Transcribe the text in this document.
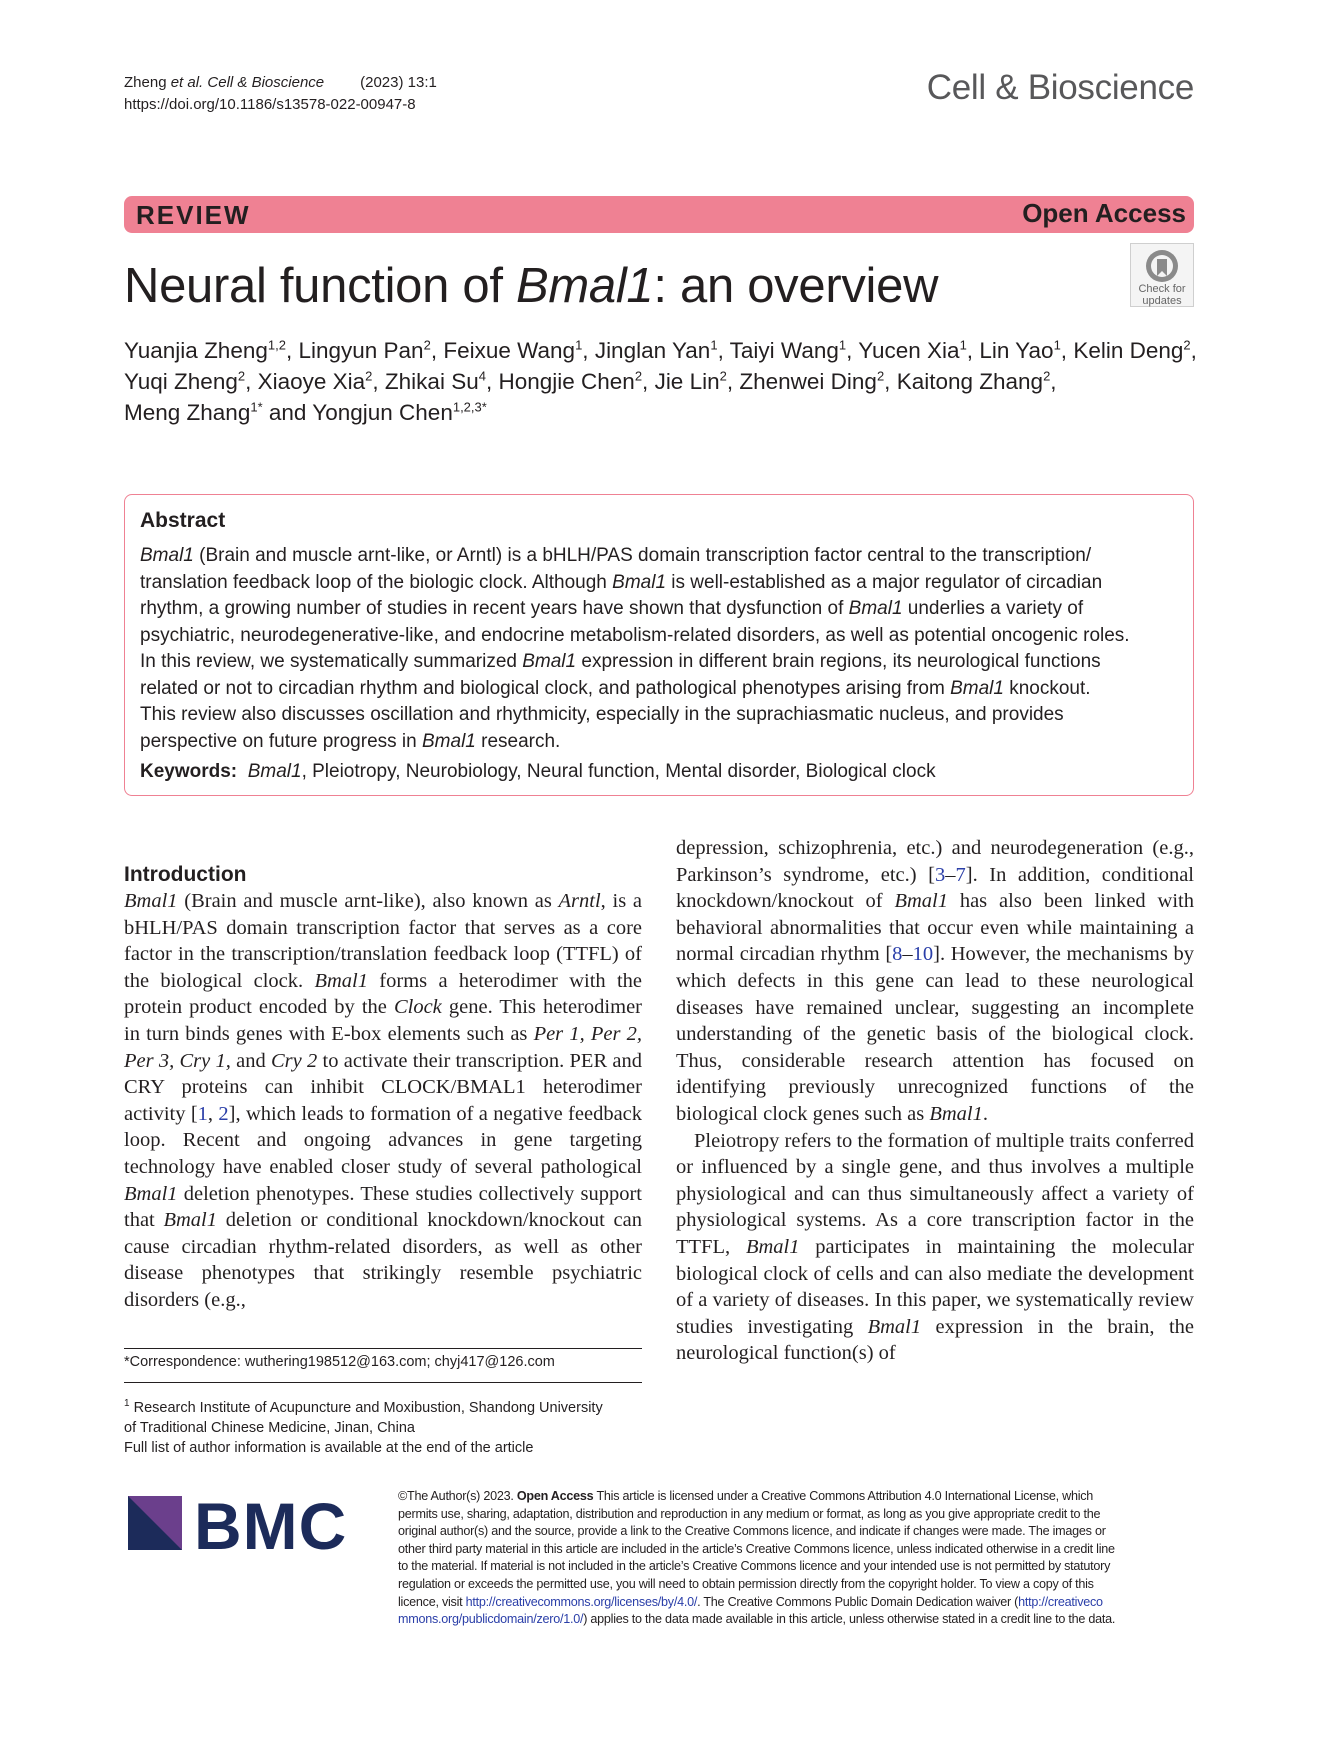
Zheng et al. Cell & Bioscience (2023) 13:1
https://doi.org/10.1186/s13578-022-00947-8	Cell & Bioscience
REVIEW	Open Access
Neural function of Bmal1: an overview	Check for
updates
Yuanjia Zheng$^{1,2}$, Lingyun Pan$^2$, Feixue Wang$^1$, Jinglan Yan$^1$, Taiyi Wang$^1$, Yucen Xia$^1$, Lin Yao$^1$, Kelin Deng$^2$,
Yuqi Zheng$^2$, Xiaoye Xia$^2$, Zhikai Su$^4$, Hongjie Chen$^2$, Jie Lin$^2$, Zhenwei Ding$^2$, Kaitong Zhang$^2$,
Meng Zhang$^{1*}$ and Yongjun Chen$^{1,2,3*}$
Abstract
Bmal1 (Brain and muscle arnt-like, or Arntl) is a bHLH/PAS domain transcription factor central to the transcription/
translation feedback loop of the biologic clock. Although Bmal1 is well-established as a major regulator of circadian
rhythm, a growing number of studies in recent years have shown that dysfunction of Bmal1 underlies a variety of
psychiatric, neurodegenerative-like, and endocrine metabolism-related disorders, as well as potential oncogenic roles.
In this review, we systematically summarized Bmal1 expression in different brain regions, its neurological functions
related or not to circadian rhythm and biological clock, and pathological phenotypes arising from Bmal1 knockout.
This review also discusses oscillation and rhythmicity, especially in the suprachiasmatic nucleus, and provides
perspective on future progress in Bmal1 research.
Keywords: Bmal1, Pleiotropy, Neurobiology, Neural function, Mental disorder, Biological clock
Introduction
Bmal1 (Brain and muscle arnt-like), also known as Arntl, is a bHLH/PAS domain transcription factor that serves as a core factor in the transcription/translation feedback loop (TTFL) of the biological clock. Bmal1 forms a heterodimer with the protein product encoded by the Clock gene. This heterodimer in turn binds genes with E-box elements such as Per 1, Per 2, Per 3, Cry 1, and Cry 2 to activate their transcription. PER and CRY proteins can inhibit CLOCK/BMAL1 heterodimer activity [1, 2], which leads to formation of a negative feedback loop. Recent and ongoing advances in gene targeting technology have enabled closer study of several pathological Bmal1 deletion phenotypes. These studies collectively support that Bmal1 deletion or conditional knockdown/knockout can cause circadian rhythm-related disorders, as well as other disease phenotypes that strikingly resemble psychiatric disorders (e.g.,
depression, schizophrenia, etc.) and neurodegeneration (e.g., Parkinson’s syndrome, etc.) [3–7]. In addition, conditional knockdown/knockout of Bmal1 has also been linked with behavioral abnormalities that occur even while maintaining a normal circadian rhythm [8–10]. However, the mechanisms by which defects in this gene can lead to these neurological diseases have remained unclear, suggesting an incomplete understanding of the genetic basis of the biological clock. Thus, considerable research attention has focused on identifying previously unrecognized functions of the biological clock genes such as Bmal1.
Pleiotropy refers to the formation of multiple traits conferred or influenced by a single gene, and thus involves a multiple physiological and can thus simultaneously affect a variety of physiological systems. As a core transcription factor in the TTFL, Bmal1 participates in maintaining the molecular biological clock of cells and can also mediate the development of a variety of diseases. In this paper, we systematically review studies investigating Bmal1 expression in the brain, the neurological function(s) of
*Correspondence: wuthering198512@163.com; chyj417@126.com
$^1$ Research Institute of Acupuncture and Moxibustion, Shandong University
of Traditional Chinese Medicine, Jinan, China
Full list of author information is available at the end of the article
BMC	©The Author(s) 2023. Open Access This article is licensed under a Creative Commons Attribution 4.0 International License, which
permits use, sharing, adaptation, distribution and reproduction in any medium or format, as long as you give appropriate credit to the
original author(s) and the source, provide a link to the Creative Commons licence, and indicate if changes were made. The images or
other third party material in this article are included in the article’s Creative Commons licence, unless indicated otherwise in a credit line
to the material. If material is not included in the article’s Creative Commons licence and your intended use is not permitted by statutory
regulation or exceeds the permitted use, you will need to obtain permission directly from the copyright holder. To view a copy of this
licence, visit http://creativecommons.org/licenses/by/4.0/. The Creative Commons Public Domain Dedication waiver (http://creativeco
mmons.org/publicdomain/zero/1.0/) applies to the data made available in this article, unless otherwise stated in a credit line to the data.
